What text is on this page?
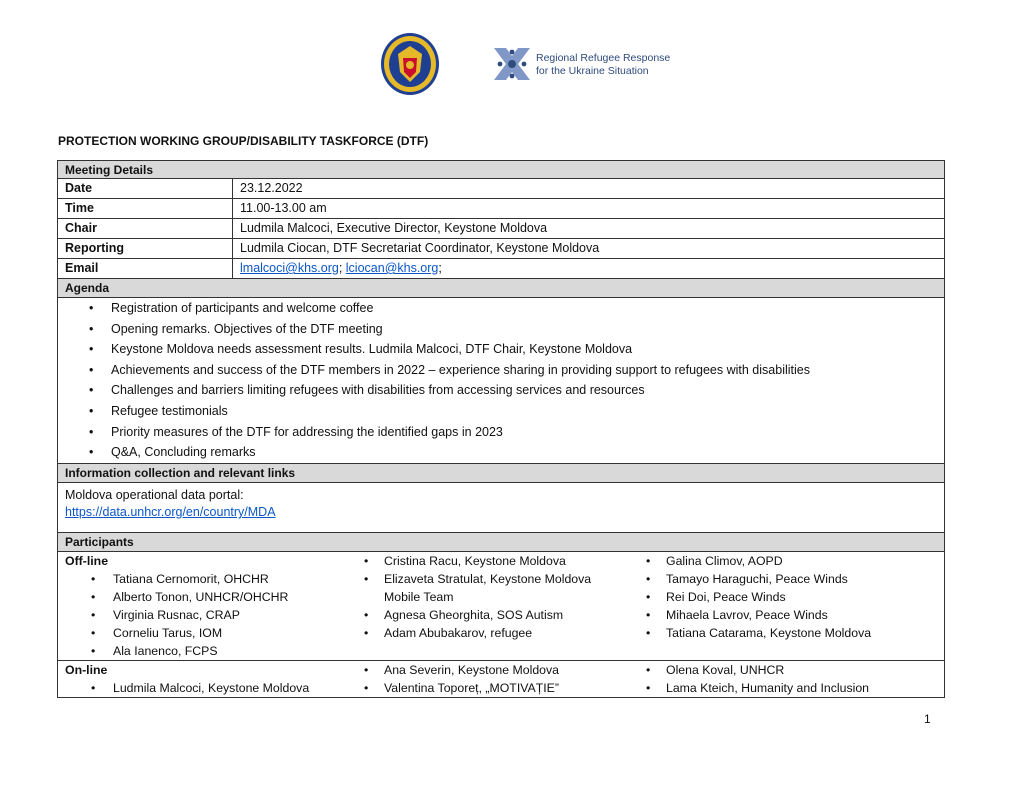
Regional Refugee Response
for the Ukraine Situation
PROTECTION WORKING GROUP/DISABILITY TASKFORCE (DTF)
Meeting Details
Date	23.12.2022
Time	11.00-13.00 am
Chair	Ludmila Malcoci, Executive Director, Keystone Moldova
Reporting	Ludmila Ciocan, DTF Secretariat Coordinator, Keystone Moldova
Email	lmalcoci@khs.org; lciocan@khs.org;
Agenda
• Registration of participants and welcome coffee
• Opening remarks. Objectives of the DTF meeting
• Keystone Moldova needs assessment results. Ludmila Malcoci, DTF Chair, Keystone Moldova
• Achievements and success of the DTF members in 2022 – experience sharing in providing support to refugees with disabilities
• Challenges and barriers limiting refugees with disabilities from accessing services and resources
• Refugee testimonials
• Priority measures of the DTF for addressing the identified gaps in 2023
• Q&A, Concluding remarks
Information collection and relevant links
Moldova operational data portal:
https://data.unhcr.org/en/country/MDA
Participants
Off-line
• Tatiana Cernomorit, OHCHR
• Alberto Tonon, UNHCR/OHCHR
• Virginia Rusnac, CRAP
• Corneliu Tarus, IOM
• Ala Ianenco, FCPS
• Cristina Racu, Keystone Moldova
• Elizaveta Stratulat, Keystone Moldova
Mobile Team
• Agnesa Gheorghita, SOS Autism
• Adam Abubakarov, refugee
• Galina Climov, AOPD
• Tamayo Haraguchi, Peace Winds
• Rei Doi, Peace Winds
• Mihaela Lavrov, Peace Winds
• Tatiana Catarama, Keystone Moldova
On-line
• Ludmila Malcoci, Keystone Moldova
• Ana Severin, Keystone Moldova
• Valentina Toporeț, „MOTIVAȚIE”
• Olena Koval, UNHCR
• Lama Kteich, Humanity and Inclusion
1
